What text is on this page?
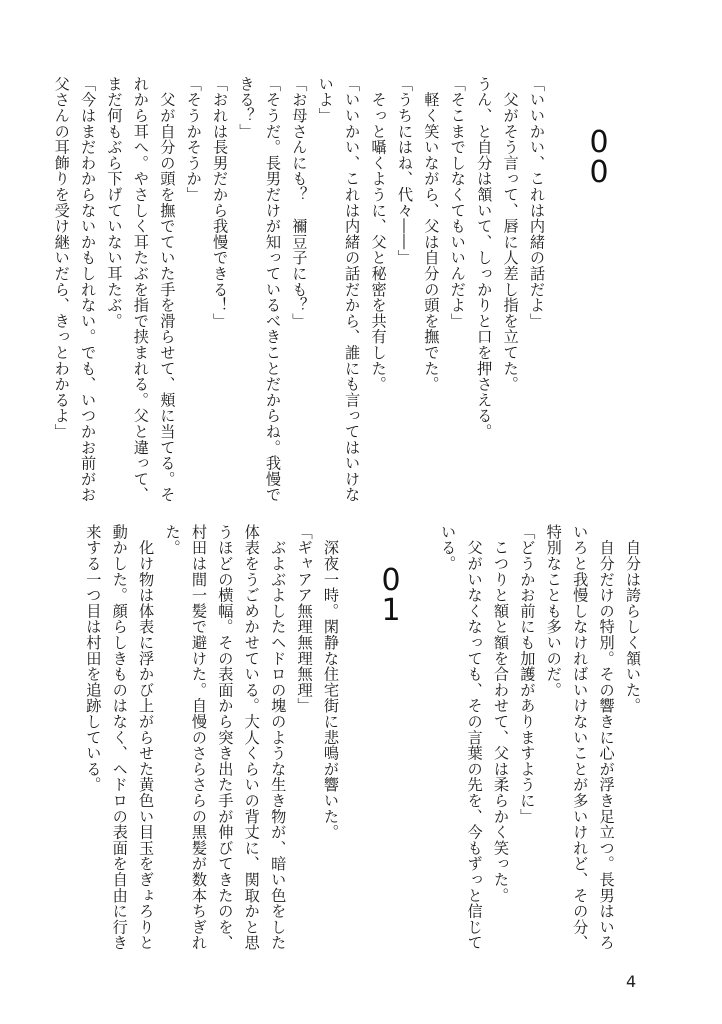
0
0

「いいかい、これは内緒の話だよ」

　父がそう言って、唇に人差し指を立てた。

うん、と自分は頷いて、しっかりと口を押さえる。

「そこまでしなくてもいいんだよ」

　軽く笑いながら、父は自分の頭を撫でた。

「うちにはね、代々――」

　そっと囁くように、父と秘密を共有した。

「いいかい、これは内緒の話だから、誰にも言ってはいけな

いよ」

「お母さんにも？　禰豆子にも？」

「そうだ。長男だけが知っているべきことだからね。我慢で

きる？」

「おれは長男だから我慢できる！」

「そうかそうか」

　父が自分の頭を撫でていた手を滑らせて、頬に当てる。そ

れから耳へ。やさしく耳たぶを指で挟まれる。父と違って、

まだ何もぶら下げていない耳たぶ。

「今はまだわからないかもしれない。でも、いつかお前がお

父さんの耳飾りを受け継いだら、きっとわかるよ」

　自分は誇らしく頷いた。

　自分だけの特別。その響きに心が浮き足立つ。長男はいろ

いろと我慢しなければいけないことが多いけれど、その分、

特別なことも多いのだ。

「どうかお前にも加護がありますように」

　こつりと額と額を合わせて、父は柔らかく笑った。

　父がいなくなっても、その言葉の先を、今もずっと信じて

いる。

0
1

　深夜一時。閑静な住宅街に悲鳴が響いた。

「ギャアア無理無理無理」

　ぶよぶよしたヘドロの塊のような生き物が、暗い色をした

体表をうごめかせている。大人くらいの背丈に、関取かと思

うほどの横幅。その表面から突き出た手が伸びてきたのを、

村田は間一髪で避けた。自慢のさらさらの黒髪が数本ちぎれ

た。

　化け物は体表に浮かび上がらせた黄色い目玉をぎょろりと

動かした。顔らしきものはなく、ヘドロの表面を自由に行き

来する一つ目は村田を追跡している。

4
